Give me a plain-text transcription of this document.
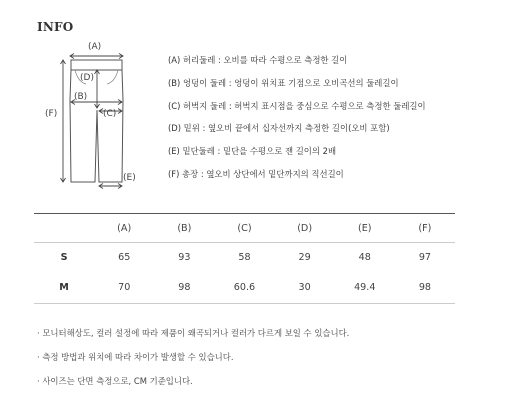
INFO
(A)
(D)
(B)
(C)
(F)
(E)
(A) 허리둘레 : 오비를 따라 수평으로 측정한 길이
(B) 엉덩이 둘레 : 엉덩이 위치표 기점으로 오비곡선의 둘레길이
(C) 허벅지 둘레 : 허벅지 표시점을 중심으로 수평으로 측정한 둘레길이
(D) 밑위 : 옆오비 끝에서 십자선까지 측정한 길이(오비 포함)
(E) 밑단둘레 : 밑단을 수평으로 잰 길이의 2배
(F) 총장 : 옆오비 상단에서 밑단까지의 직선길이
	(A)	(B)	(C)	(D)	(E)	(F)
S	65	93	58	29	48	97
M	70	98	60.6	30	49.4	98
· 모니터해상도, 컬러 설정에 따라 제품이 왜곡되거나 컬러가 다르게 보일 수 있습니다.
· 측정 방법과 위치에 따라 차이가 발생할 수 있습니다.
· 사이즈는 단면 측정으로, CM 기준입니다.
